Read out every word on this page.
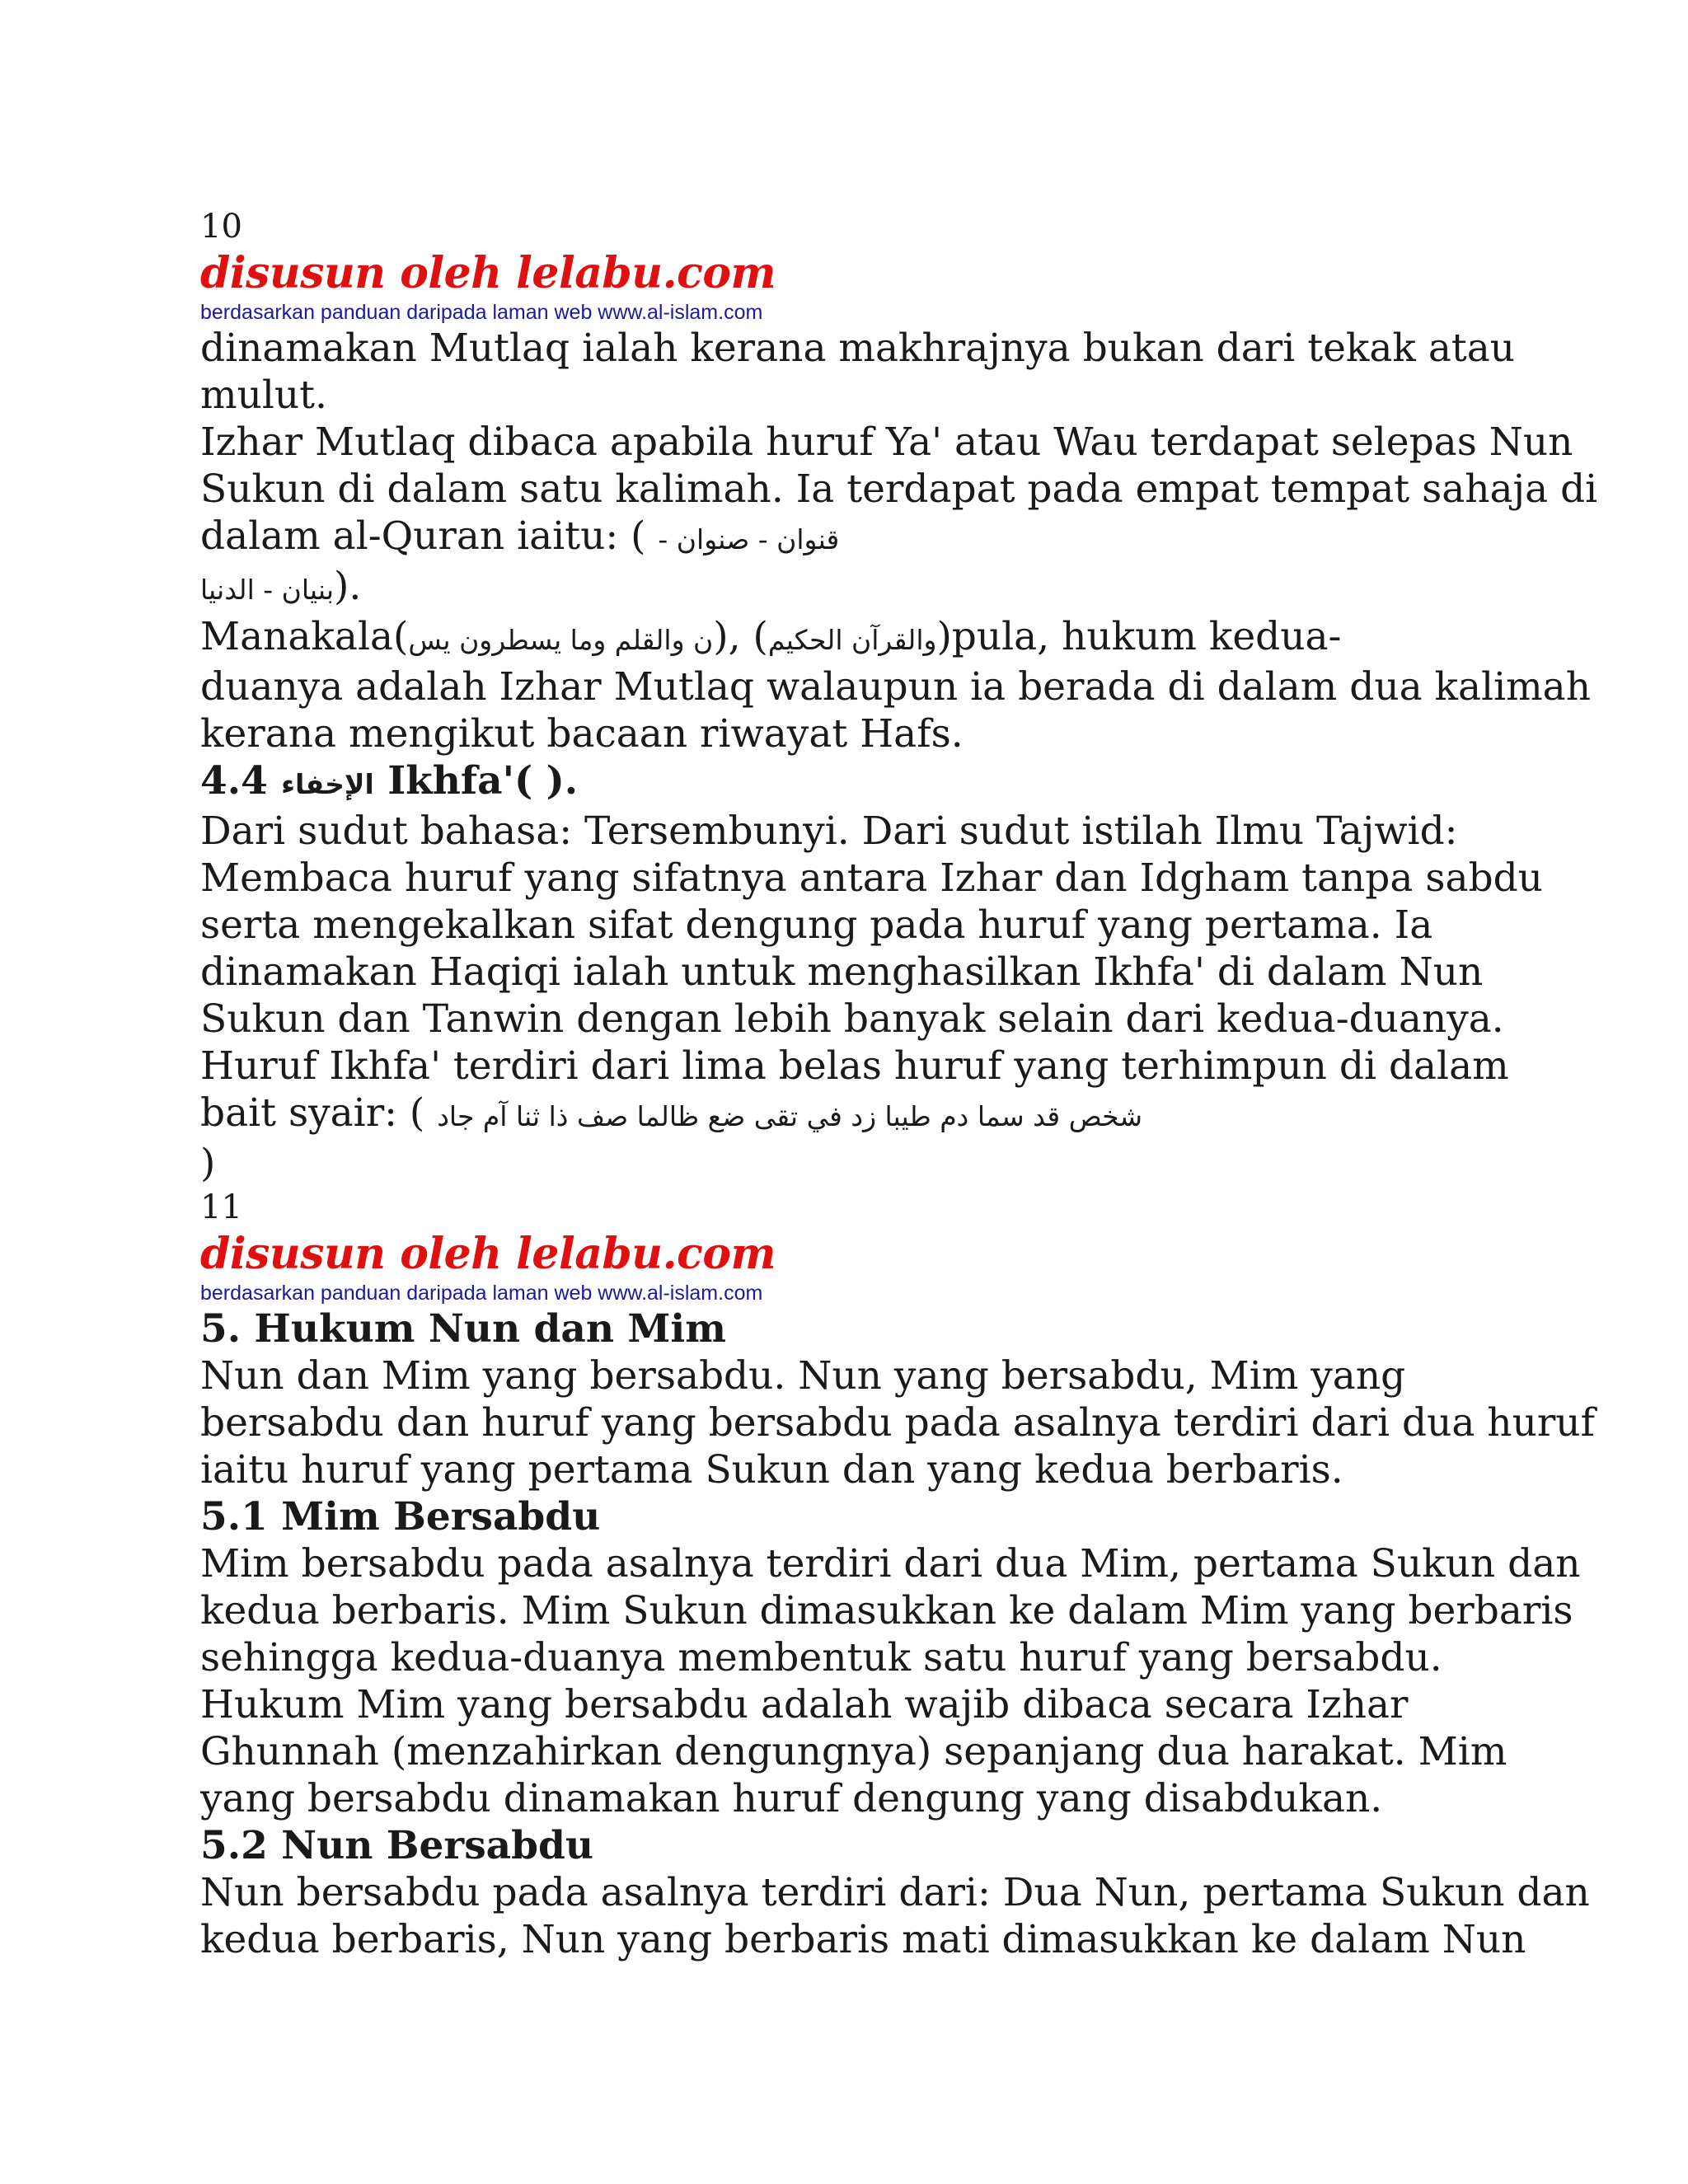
10
disusun oleh lelabu.com
berdasarkan panduan daripada laman web www.al-islam.com
dinamakan Mutlaq ialah kerana makhrajnya bukan dari tekak atau
mulut.
Izhar Mutlaq dibaca apabila huruf Ya' atau Wau terdapat selepas Nun
Sukun di dalam satu kalimah. Ia terdapat pada empat tempat sahaja di
dalam al-Quran iaitu: ( قنوان - صنوان -
بنيان - الدنيا).
Manakala(ن والقلم وما يسطرون يس), (والقرآن الحكيم)pula, hukum kedua-
duanya adalah Izhar Mutlaq walaupun ia berada di dalam dua kalimah
kerana mengikut bacaan riwayat Hafs.
4.4 الإخفاء Ikhfa'( ).
Dari sudut bahasa: Tersembunyi. Dari sudut istilah Ilmu Tajwid:
Membaca huruf yang sifatnya antara Izhar dan Idgham tanpa sabdu
serta mengekalkan sifat dengung pada huruf yang pertama. Ia
dinamakan Haqiqi ialah untuk menghasilkan Ikhfa' di dalam Nun
Sukun dan Tanwin dengan lebih banyak selain dari kedua-duanya.
Huruf Ikhfa' terdiri dari lima belas huruf yang terhimpun di dalam
bait syair: ( شخص قد سما دم طيبا زد في تقى ضع ظالما صف ذا ثنا آم جاد
)
11
disusun oleh lelabu.com
berdasarkan panduan daripada laman web www.al-islam.com
5. Hukum Nun dan Mim
Nun dan Mim yang bersabdu. Nun yang bersabdu, Mim yang
bersabdu dan huruf yang bersabdu pada asalnya terdiri dari dua huruf
iaitu huruf yang pertama Sukun dan yang kedua berbaris.
5.1 Mim Bersabdu
Mim bersabdu pada asalnya terdiri dari dua Mim, pertama Sukun dan
kedua berbaris. Mim Sukun dimasukkan ke dalam Mim yang berbaris
sehingga kedua-duanya membentuk satu huruf yang bersabdu.
Hukum Mim yang bersabdu adalah wajib dibaca secara Izhar
Ghunnah (menzahirkan dengungnya) sepanjang dua harakat. Mim
yang bersabdu dinamakan huruf dengung yang disabdukan.
5.2 Nun Bersabdu
Nun bersabdu pada asalnya terdiri dari: Dua Nun, pertama Sukun dan
kedua berbaris, Nun yang berbaris mati dimasukkan ke dalam Nun
